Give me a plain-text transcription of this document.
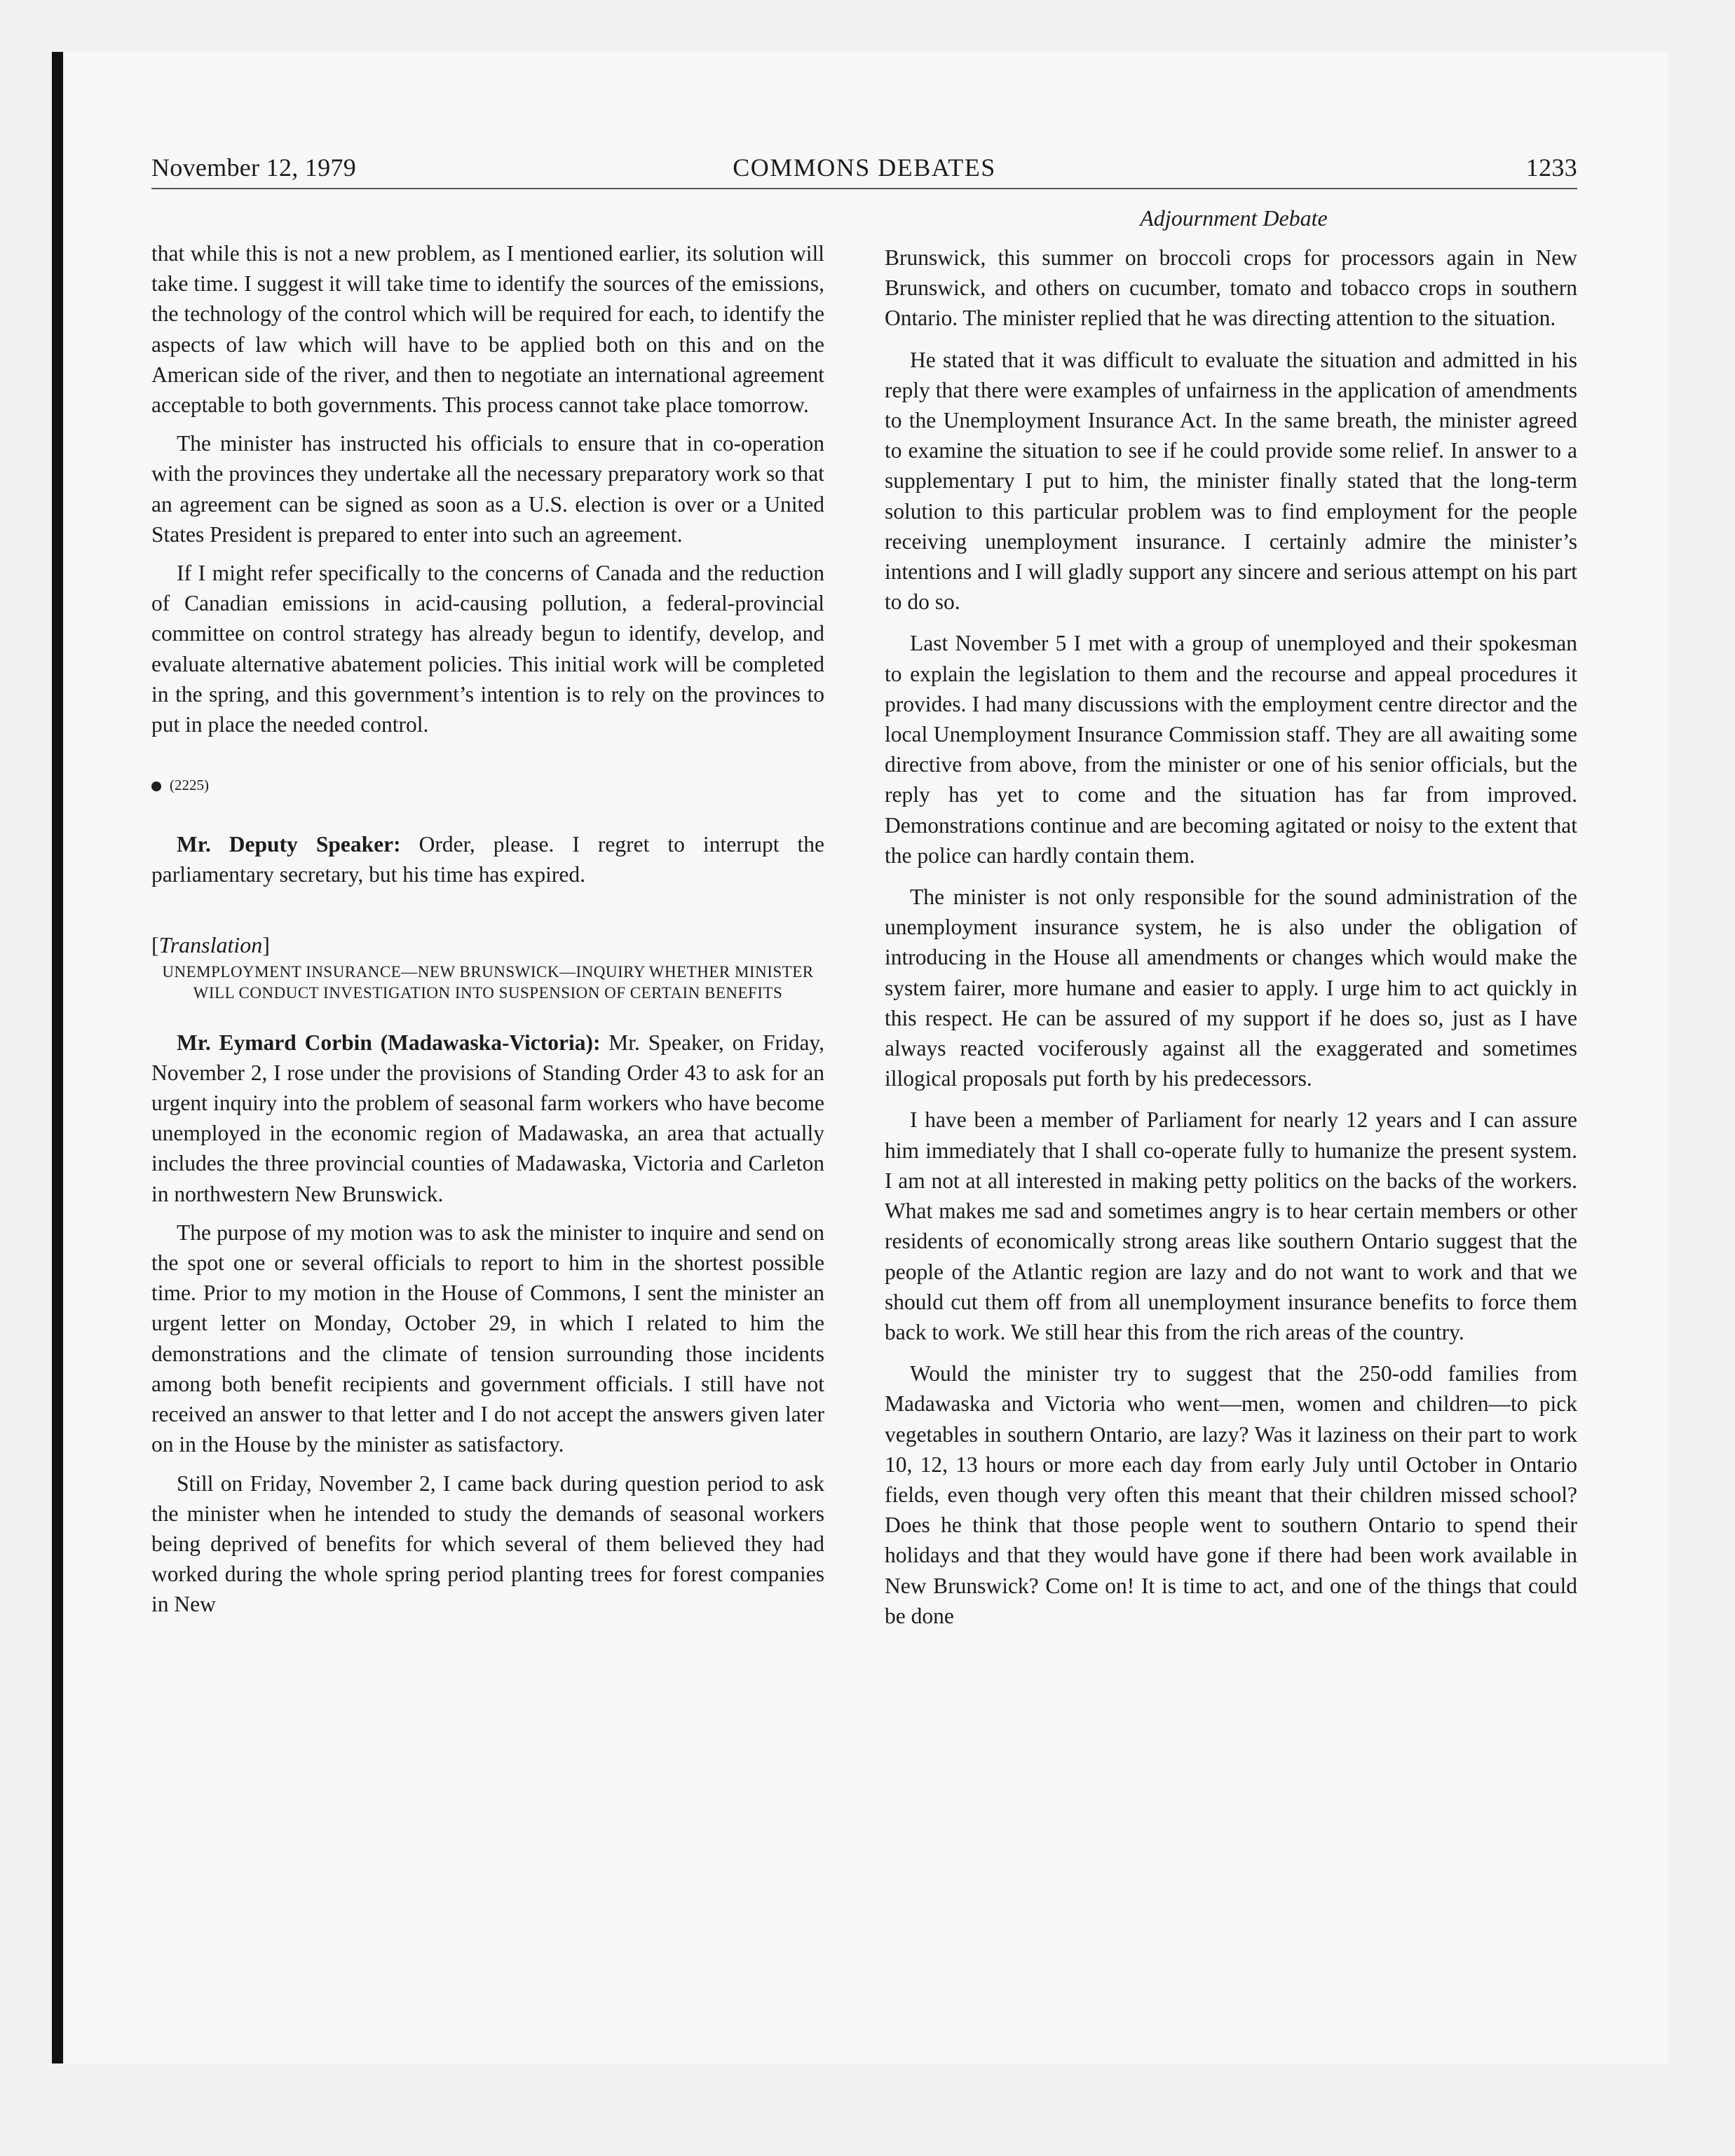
November 12, 1979	COMMONS DEBATES	1233
Adjournment Debate

that while this is not a new problem, as I mentioned earlier, its solution will take time. I suggest it will take time to identify the sources of the emissions, the technology of the control which will be required for each, to identify the aspects of law which will have to be applied both on this and on the American side of the river, and then to negotiate an international agreement acceptable to both governments. This process cannot take place tomorrow.

The minister has instructed his officials to ensure that in co-operation with the provinces they undertake all the necessary preparatory work so that an agreement can be signed as soon as a U.S. election is over or a United States President is prepared to enter into such an agreement.

If I might refer specifically to the concerns of Canada and the reduction of Canadian emissions in acid-causing pollution, a federal-provincial committee on control strategy has already begun to identify, develop, and evaluate alternative abatement policies. This initial work will be completed in the spring, and this government’s intention is to rely on the provinces to put in place the needed control.

(2225)

Mr. Deputy Speaker: Order, please. I regret to interrupt the parliamentary secretary, but his time has expired.

[Translation]
UNEMPLOYMENT INSURANCE—NEW BRUNSWICK—INQUIRY WHETHER MINISTER WILL CONDUCT INVESTIGATION INTO SUSPENSION OF CERTAIN BENEFITS

Mr. Eymard Corbin (Madawaska-Victoria): Mr. Speaker, on Friday, November 2, I rose under the provisions of Standing Order 43 to ask for an urgent inquiry into the problem of seasonal farm workers who have become unemployed in the economic region of Madawaska, an area that actually includes the three provincial counties of Madawaska, Victoria and Carleton in northwestern New Brunswick.

The purpose of my motion was to ask the minister to inquire and send on the spot one or several officials to report to him in the shortest possible time. Prior to my motion in the House of Commons, I sent the minister an urgent letter on Monday, October 29, in which I related to him the demonstrations and the climate of tension surrounding those incidents among both benefit recipients and government officials. I still have not received an answer to that letter and I do not accept the answers given later on in the House by the minister as satisfactory.

Still on Friday, November 2, I came back during question period to ask the minister when he intended to study the demands of seasonal workers being deprived of benefits for which several of them believed they had worked during the whole spring period planting trees for forest companies in New

Brunswick, this summer on broccoli crops for processors again in New Brunswick, and others on cucumber, tomato and tobacco crops in southern Ontario. The minister replied that he was directing attention to the situation.

He stated that it was difficult to evaluate the situation and admitted in his reply that there were examples of unfairness in the application of amendments to the Unemployment Insurance Act. In the same breath, the minister agreed to examine the situation to see if he could provide some relief. In answer to a supplementary I put to him, the minister finally stated that the long-term solution to this particular problem was to find employment for the people receiving unemployment insurance. I certainly admire the minister’s intentions and I will gladly support any sincere and serious attempt on his part to do so.

Last November 5 I met with a group of unemployed and their spokesman to explain the legislation to them and the recourse and appeal procedures it provides. I had many discussions with the employment centre director and the local Unemployment Insurance Commission staff. They are all awaiting some directive from above, from the minister or one of his senior officials, but the reply has yet to come and the situation has far from improved. Demonstrations continue and are becoming agitated or noisy to the extent that the police can hardly contain them.

The minister is not only responsible for the sound administration of the unemployment insurance system, he is also under the obligation of introducing in the House all amendments or changes which would make the system fairer, more humane and easier to apply. I urge him to act quickly in this respect. He can be assured of my support if he does so, just as I have always reacted vociferously against all the exaggerated and sometimes illogical proposals put forth by his predecessors.

I have been a member of Parliament for nearly 12 years and I can assure him immediately that I shall co-operate fully to humanize the present system. I am not at all interested in making petty politics on the backs of the workers. What makes me sad and sometimes angry is to hear certain members or other residents of economically strong areas like southern Ontario suggest that the people of the Atlantic region are lazy and do not want to work and that we should cut them off from all unemployment insurance benefits to force them back to work. We still hear this from the rich areas of the country.

Would the minister try to suggest that the 250-odd families from Madawaska and Victoria who went—men, women and children—to pick vegetables in southern Ontario, are lazy? Was it laziness on their part to work 10, 12, 13 hours or more each day from early July until October in Ontario fields, even though very often this meant that their children missed school? Does he think that those people went to southern Ontario to spend their holidays and that they would have gone if there had been work available in New Brunswick? Come on! It is time to act, and one of the things that could be done
